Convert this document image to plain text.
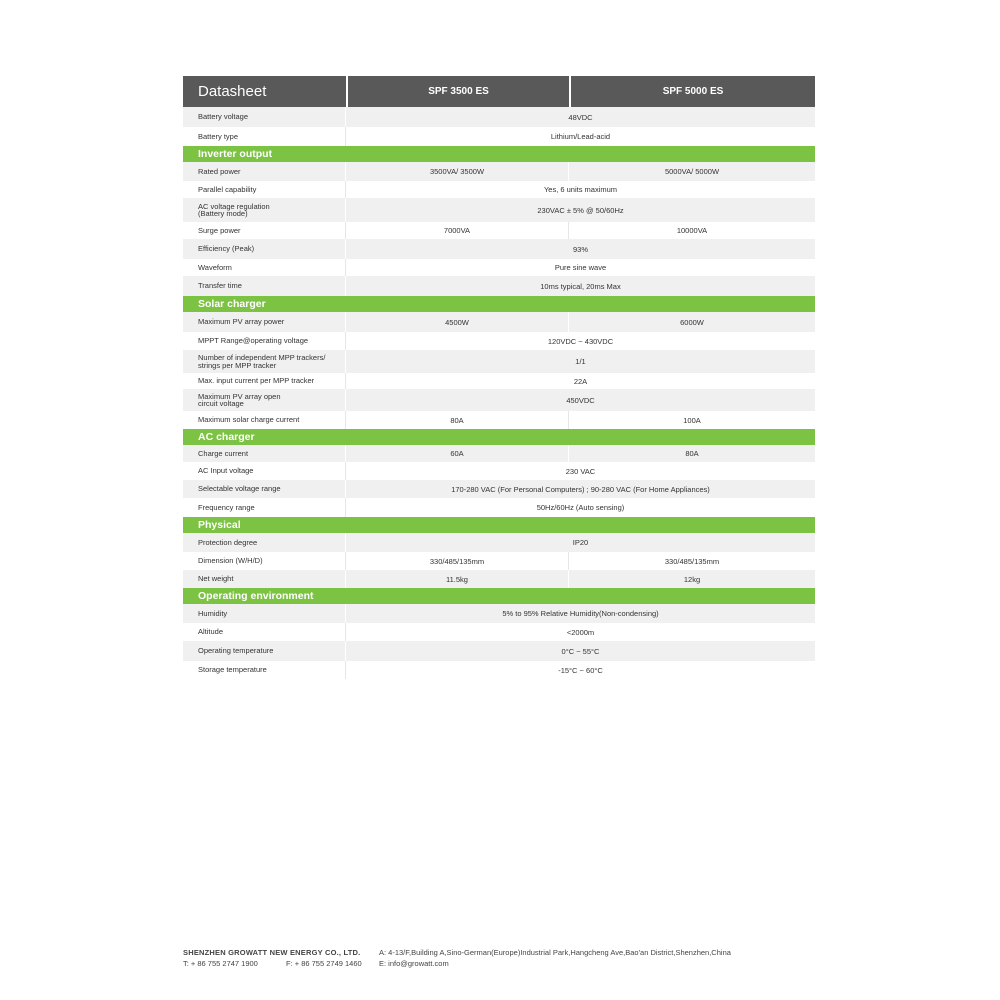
Datasheet	SPF 3500 ES	SPF 5000 ES
Battery voltage	48VDC
Battery type	Lithium/Lead-acid
Inverter output
Rated power	3500VA/ 3500W	5000VA/ 5000W
Parallel capability	Yes, 6 units maximum
AC voltage regulation
(Battery mode)	230VAC ± 5% @ 50/60Hz
Surge power	7000VA	10000VA
Efficiency (Peak)	93%
Waveform	Pure sine wave
Transfer time	10ms typical, 20ms Max
Solar charger
Maximum PV array power	4500W	6000W
MPPT Range@operating voltage	120VDC ~ 430VDC
Number of independent MPP trackers/
strings per MPP tracker	1/1
Max. input current per MPP tracker	22A
Maximum PV array open
circuit voltage	450VDC
Maximum solar charge current	80A	100A
AC charger
Charge current	60A	80A
AC Input voltage	230 VAC
Selectable voltage range	170-280 VAC (For Personal Computers) ; 90-280 VAC (For Home Appliances)
Frequency range	50Hz/60Hz (Auto sensing)
Physical
Protection degree	IP20
Dimension (W/H/D)	330/485/135mm	330/485/135mm
Net weight	11.5kg	12kg
Operating environment
Humidity	5% to 95% Relative Humidity(Non-condensing)
Altitude	<2000m
Operating temperature	0°C ~ 55°C
Storage temperature	-15°C ~ 60°C
SHENZHEN GROWATT NEW ENERGY CO., LTD.
T: + 86 755 2747 1900	F: + 86 755 2749 1460
A: 4-13/F,Building A,Sino-German(Europe)Industrial Park,Hangcheng Ave,Bao'an District,Shenzhen,China
E: info@growatt.com
